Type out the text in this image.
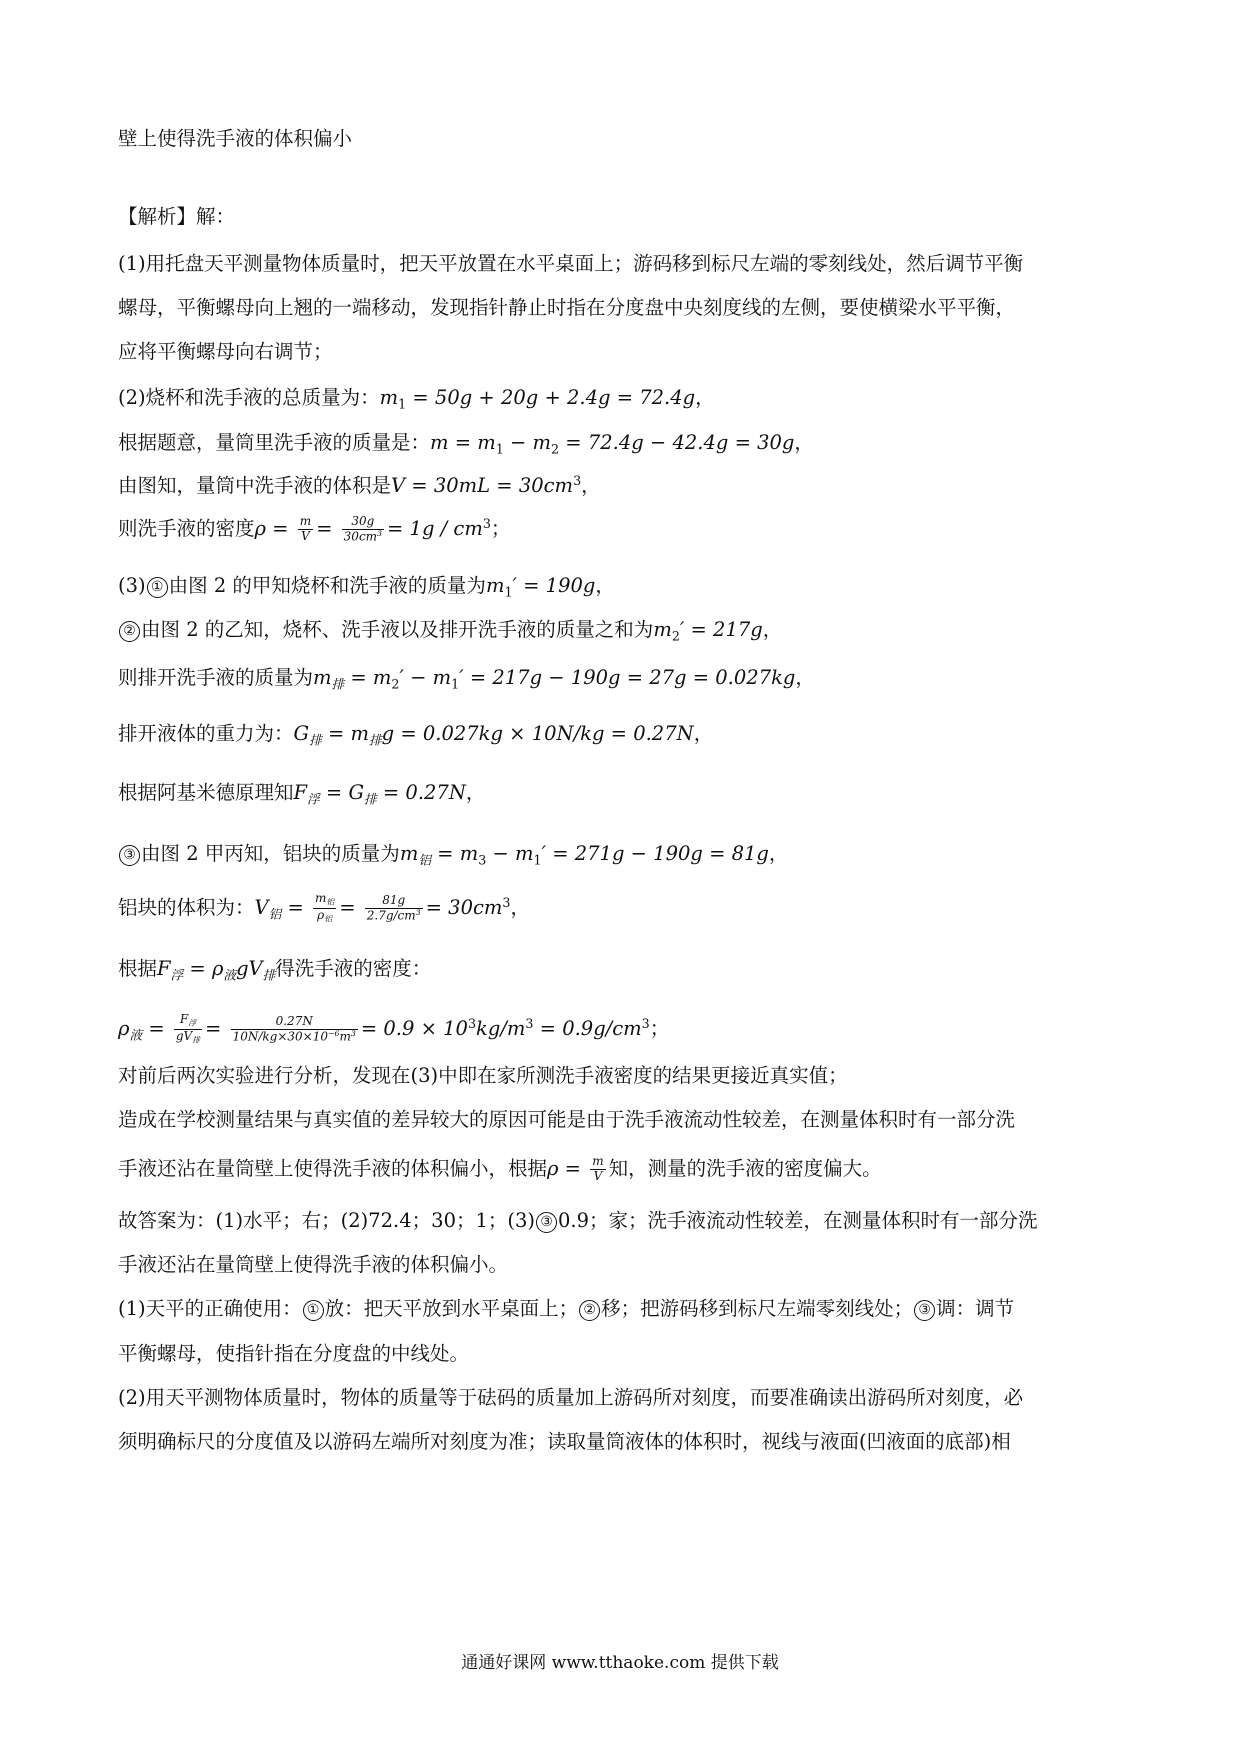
壁上使得洗手液的体积偏小
【解析】解：
(1)用托盘天平测量物体质量时，把天平放置在水平桌面上；游码移到标尺左端的零刻线处，然后调节平衡
螺母，平衡螺母向上翘的一端移动，发现指针静止时指在分度盘中央刻度线的左侧，要使横梁水平平衡，
应将平衡螺母向右调节；
(2)烧杯和洗手液的总质量为：$m_1 = 50g + 20g + 2.4g = 72.4g$，
根据题意，量筒里洗手液的质量是：$m = m_1 - m_2 = 72.4g - 42.4g = 30g$，
由图知，量筒中洗手液的体积是$V = 30mL = 30cm^3$，
则洗手液的密度$\rho = \frac{m}{V} = \frac{30g}{30cm^3} = 1g / cm^3$；
(3) ① 由图 2 的甲知烧杯和洗手液的质量为$m_1' = 190g$，
② 由图 2 的乙知，烧杯、洗手液以及排开洗手液的质量之和为$m_2' = 217g$，
则排开洗手液的质量为$m_排 = m_2' - m_1' = 217g - 190g = 27g = 0.027kg$，
排开液体的重力为：$G_排 = m_排g = 0.027kg \times 10N/kg = 0.27N$，
根据阿基米德原理知$F_浮 = G_排 = 0.27N$，
③ 由图 2 甲丙知，铝块的质量为$m_铝 = m_3 - m_1' = 271g - 190g = 81g$，
铝块的体积为：$V_铝 = \frac{m_铝}{\rho_铝} = \frac{81g}{2.7g/cm^3} = 30cm^3$，
根据$F_浮 = \rho_液gV_排$得洗手液的密度：
$\rho_液 = \frac{F_浮}{gV_排} = \frac{0.27N}{10N/kg\times 30\times 10^{-6}m^3} = 0.9 \times 10^3kg/m^3 = 0.9g/cm^3$；
对前后两次实验进行分析，发现在(3)中即在家所测洗手液密度的结果更接近真实值；
造成在学校测量结果与真实值的差异较大的原因可能是由于洗手液流动性较差，在测量体积时有一部分洗
手液还沾在量筒壁上使得洗手液的体积偏小，根据$\rho = \frac{m}{V}$ 知，测量的洗手液的密度偏大。
故答案为：(1)水平；右；(2)72.4；30；1；(3) ③ 0.9；家；洗手液流动性较差，在测量体积时有一部分洗
手液还沾在量筒壁上使得洗手液的体积偏小。
(1)天平的正确使用： ① 放：把天平放到水平桌面上； ② 移；把游码移到标尺左端零刻线处； ③ 调：调节
平衡螺母，使指针指在分度盘的中线处。
(2)用天平测物体质量时，物体的质量等于砝码的质量加上游码所对刻度，而要准确读出游码所对刻度，必
须明确标尺的分度值及以游码左端所对刻度为准；读取量筒液体的体积时，视线与液面(凹液面的底部)相
通通好课网 www.tthaoke.com 提供下载
